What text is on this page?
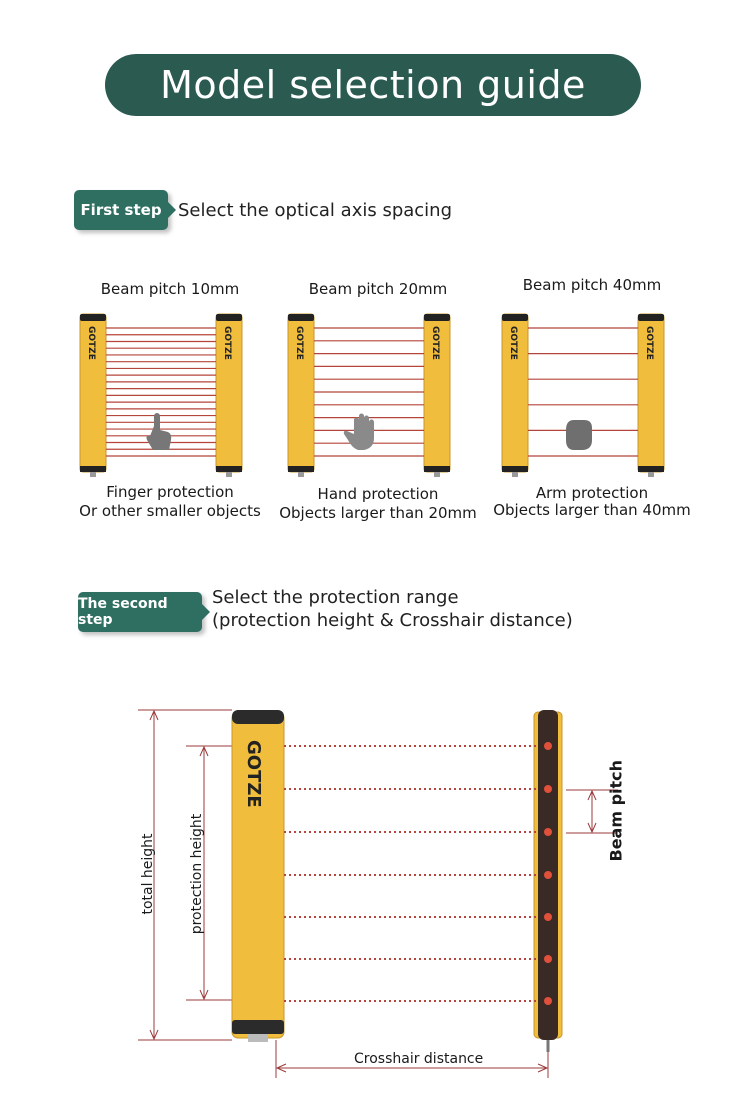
Model selection guide
First step Select the optical axis spacing
Beam pitch 10mm
GOTZE	GOTZE
Finger protection
Or other smaller objects
Beam pitch 20mm
GOTZE	GOTZE
Hand protection
Objects larger than 20mm
Beam pitch 40mm
GOTZE	GOTZE
Arm protection
Objects larger than 40mm
The second step
Select the protection range
(protection height & Crosshair distance)
GOTZE
total height protection height
Beam pitch
Crosshair distance
